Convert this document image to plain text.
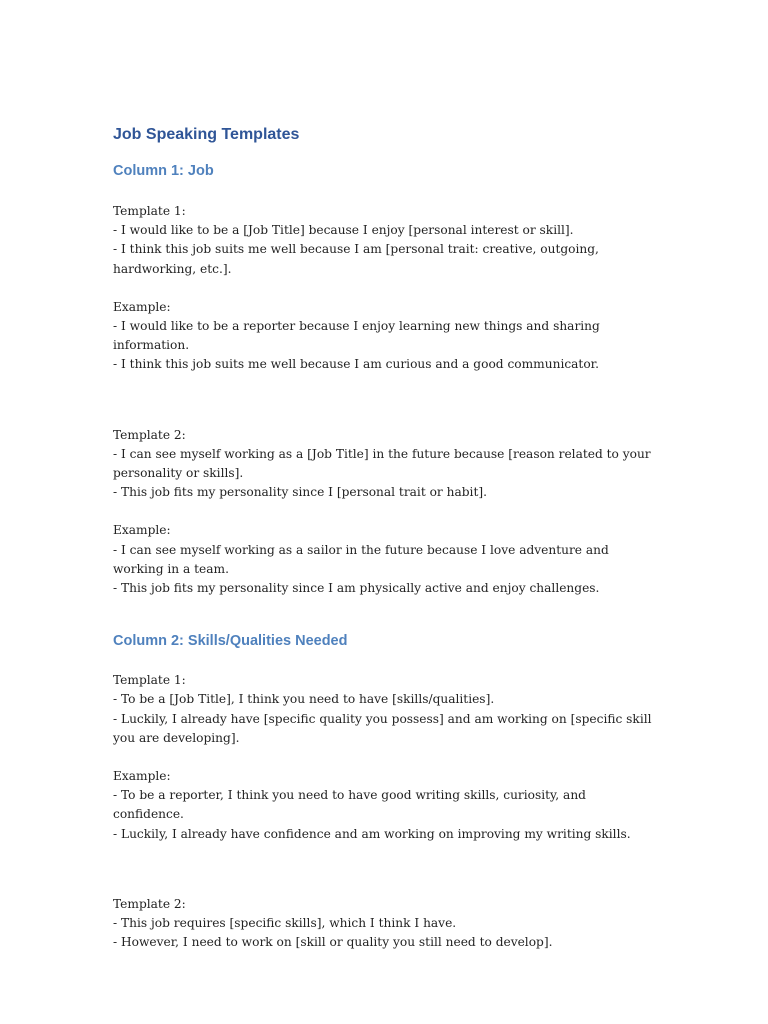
Job Speaking Templates
Column 1: Job
Template 1:
- I would like to be a [Job Title] because I enjoy [personal interest or skill].
- I think this job suits me well because I am [personal trait: creative, outgoing, hardworking, etc.].
Example:
- I would like to be a reporter because I enjoy learning new things and sharing information.
- I think this job suits me well because I am curious and a good communicator.
Template 2:
- I can see myself working as a [Job Title] in the future because [reason related to your personality or skills].
- This job fits my personality since I [personal trait or habit].
Example:
- I can see myself working as a sailor in the future because I love adventure and working in a team.
- This job fits my personality since I am physically active and enjoy challenges.
Column 2: Skills/Qualities Needed
Template 1:
- To be a [Job Title], I think you need to have [skills/qualities].
- Luckily, I already have [specific quality you possess] and am working on [specific skill you are developing].
Example:
- To be a reporter, I think you need to have good writing skills, curiosity, and confidence.
- Luckily, I already have confidence and am working on improving my writing skills.
Template 2:
- This job requires [specific skills], which I think I have.
- However, I need to work on [skill or quality you still need to develop].
